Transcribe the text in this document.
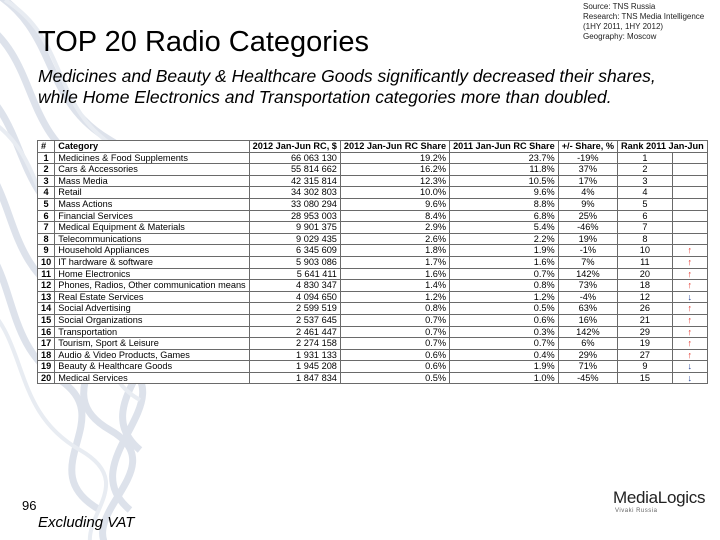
TOP 20 Radio Categories
Source: TNS Russia
Research: TNS Media Intelligence
(1HY 2011, 1HY 2012)
Geography: Moscow
Medicines and Beauty & Healthcare Goods significantly decreased their shares, while Home Electronics and Transportation categories more than doubled.
#	Category	2012 Jan-Jun RC, $	2012 Jan-Jun RC Share	2011 Jan-Jun RC Share	+/- Share, %	Rank 2011 Jan-Jun	
1	Medicines & Food Supplements	66 063 130	19.2%	23.7%	-19%	1	
2	Cars & Accessories	55 814 662	16.2%	11.8%	37%	2	
3	Mass Media	42 315 814	12.3%	10.5%	17%	3	
4	Retail	34 302 803	10.0%	9.6%	4%	4	
5	Mass Actions	33 080 294	9.6%	8.8%	9%	5	
6	Financial Services	28 953 003	8.4%	6.8%	25%	6	
7	Medical Equipment & Materials	9 901 375	2.9%	5.4%	-46%	7	
8	Telecommunications	9 029 435	2.6%	2.2%	19%	8	
9	Household Appliances	6 345 609	1.8%	1.9%	-1%	10	↑
10	IT hardware & software	5 903 086	1.7%	1.6%	7%	11	↑
11	Home Electronics	5 641 411	1.6%	0.7%	142%	20	↑
12	Phones, Radios, Other communication means	4 830 347	1.4%	0.8%	73%	18	↑
13	Real Estate Services	4 094 650	1.2%	1.2%	-4%	12	↓
14	Social Advertising	2 599 519	0.8%	0.5%	63%	26	↑
15	Social Organizations	2 537 645	0.7%	0.6%	16%	21	↑
16	Transportation	2 461 447	0.7%	0.3%	142%	29	↑
17	Tourism, Sport & Leisure	2 274 158	0.7%	0.7%	6%	19	↑
18	Audio & Video Products, Games	1 931 133	0.6%	0.4%	29%	27	↑
19	Beauty & Healthcare Goods	1 945 208	0.6%	1.9%	71%	9	↓
20	Medical Services	1 847 834	0.5%	1.0%	-45%	15	↓
96
Excluding VAT
MediaLogics
Vivaki Russia
